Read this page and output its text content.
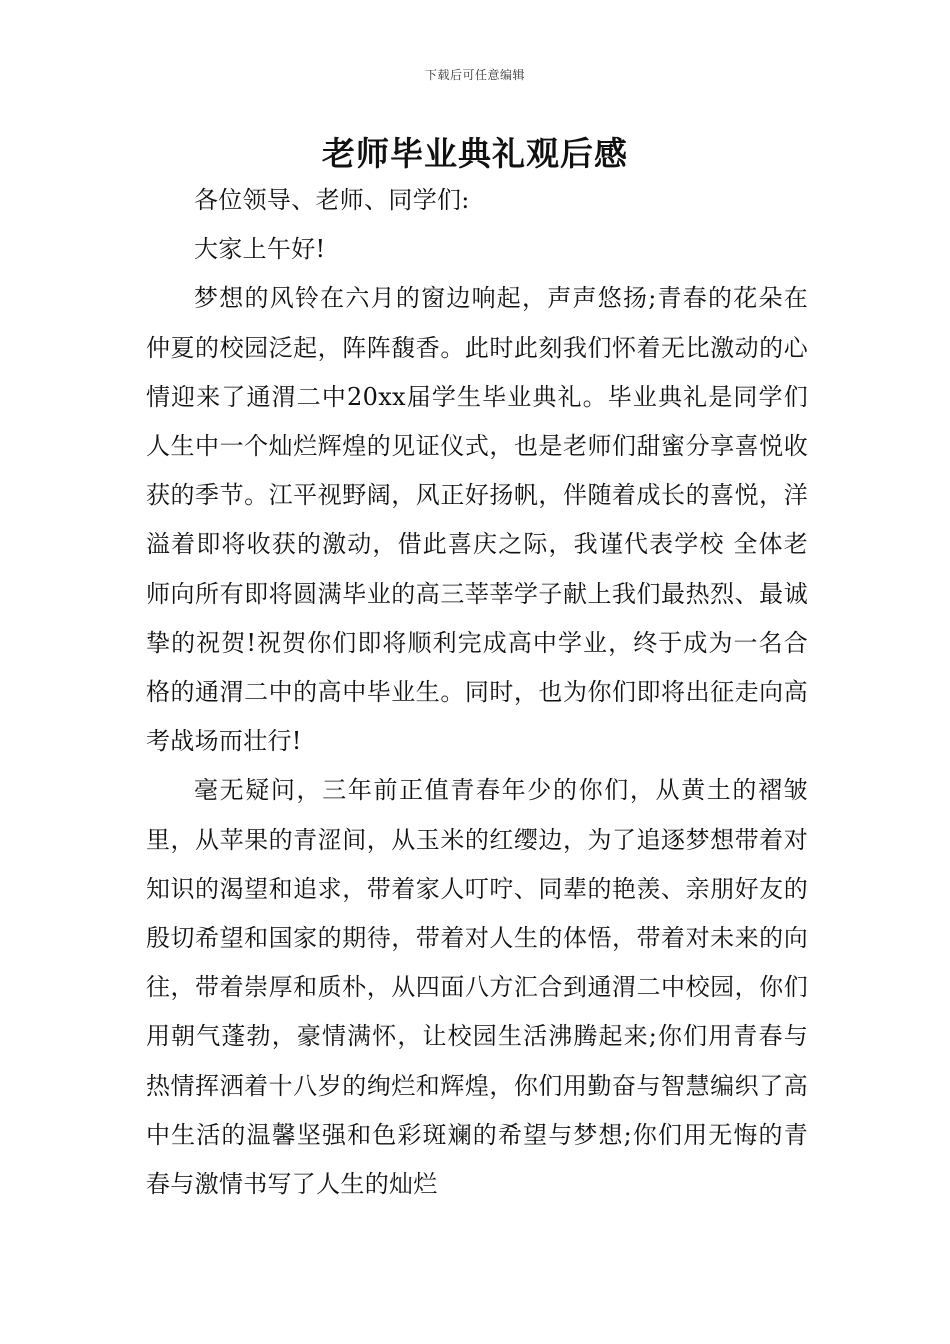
下载后可任意编辑
老师毕业典礼观后感

各位领导、老师、同学们:

大家上午好!

梦想的风铃在六月的窗边响起，声声悠扬;青春的花朵在仲夏的校园泛起，阵阵馥香。此时此刻我们怀着无比激动的心情迎来了通渭二中20xx届学生毕业典礼。毕业典礼是同学们人生中一个灿烂辉煌的见证仪式，也是老师们甜蜜分享喜悦收获的季节。江平视野阔，风正好扬帆，伴随着成长的喜悦，洋溢着即将收获的激动，借此喜庆之际，我谨代表学校 全体老师向所有即将圆满毕业的高三莘莘学子献上我们最热烈、最诚挚的祝贺!祝贺你们即将顺利完成高中学业，终于成为一名合格的通渭二中的高中毕业生。同时，也为你们即将出征走向高考战场而壮行!

毫无疑问，三年前正值青春年少的你们，从黄土的褶皱里，从苹果的青涩间，从玉米的红缨边，为了追逐梦想带着对知识的渴望和追求，带着家人叮咛、同辈的艳羡、亲朋好友的殷切希望和国家的期待，带着对人生的体悟，带着对未来的向往，带着崇厚和质朴，从四面八方汇合到通渭二中校园，你们用朝气蓬勃，豪情满怀，让校园生活沸腾起来;你们用青春与热情挥洒着十八岁的绚烂和辉煌，你们用勤奋与智慧编织了高中生活的温馨坚强和色彩斑斓的希望与梦想;你们用无悔的青春与激情书写了人生的灿烂
